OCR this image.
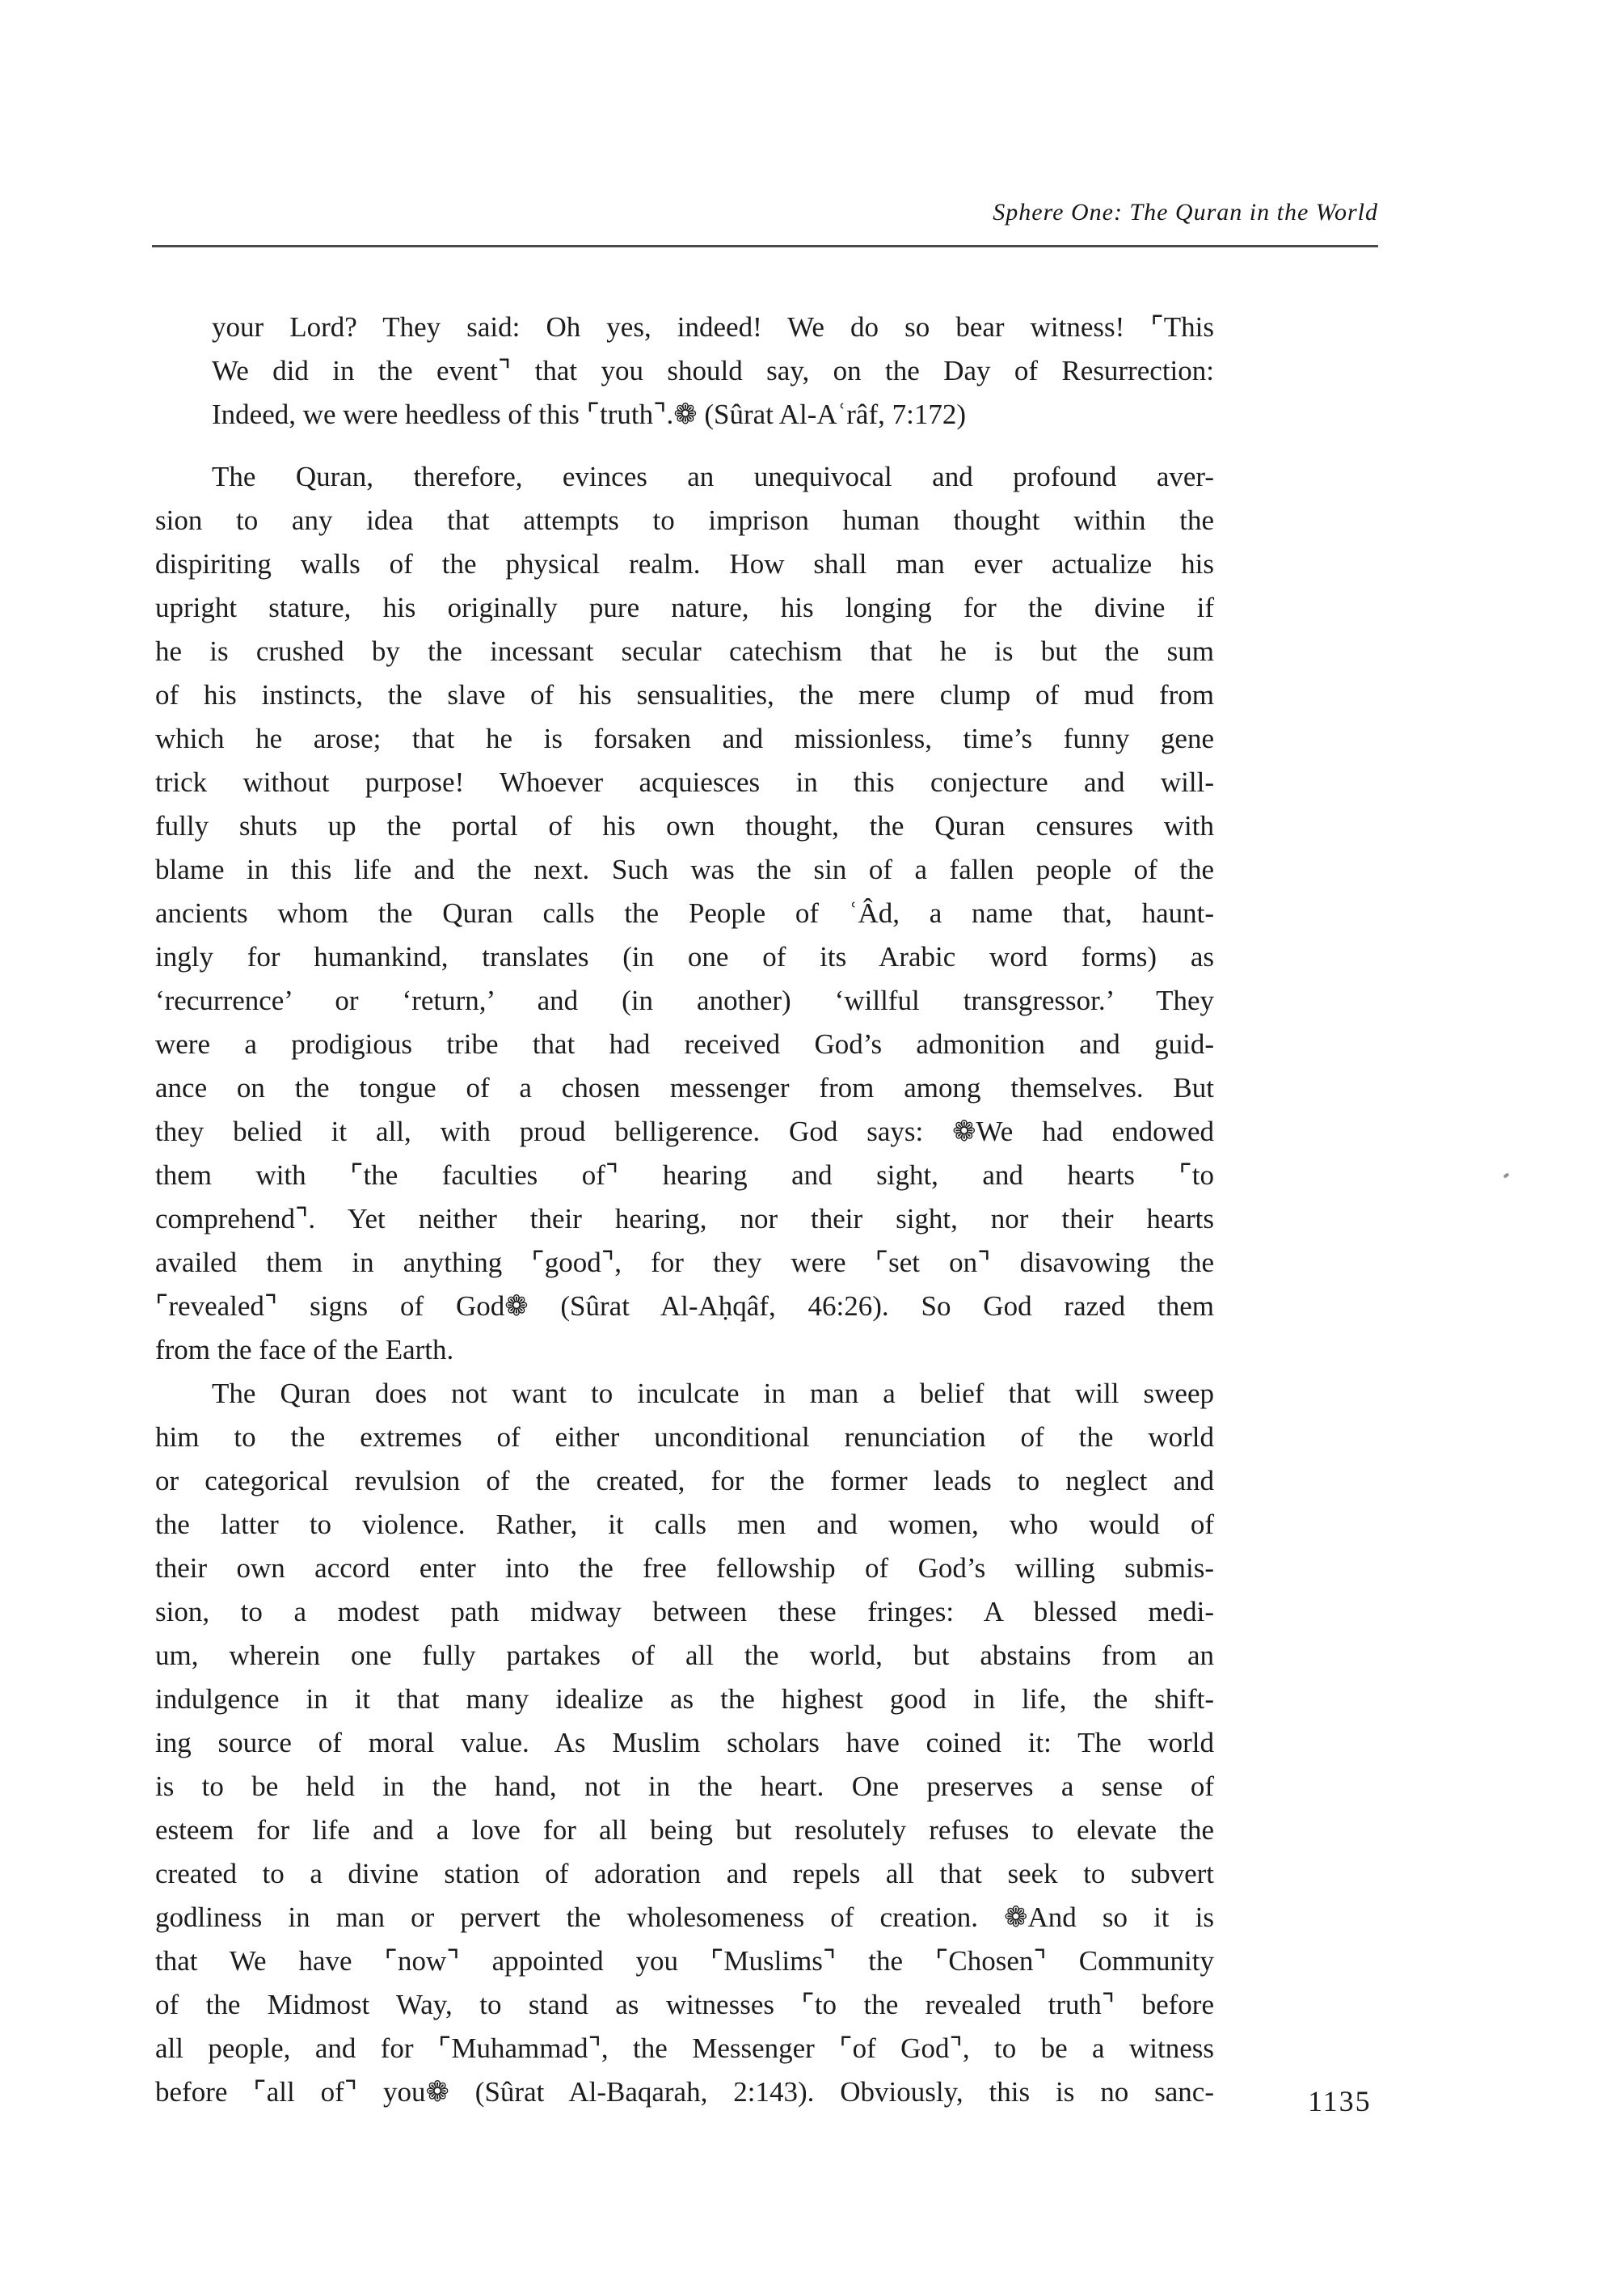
Sphere One: The Quran in the World
your Lord? They said: Oh yes, indeed! We do so bear witness! ⌜This
We did in the event⌝ that you should say, on the Day of Resurrection:
Indeed, we were heedless of this ⌜truth⌝.❁ (Sûrat Al-Aʿrâf, 7:172)
The Quran, therefore, evinces an unequivocal and profound aver-
sion to any idea that attempts to imprison human thought within the
dispiriting walls of the physical realm. How shall man ever actualize his
upright stature, his originally pure nature, his longing for the divine if
he is crushed by the incessant secular catechism that he is but the sum
of his instincts, the slave of his sensualities, the mere clump of mud from
which he arose; that he is forsaken and missionless, time’s funny gene
trick without purpose! Whoever acquiesces in this conjecture and will-
fully shuts up the portal of his own thought, the Quran censures with
blame in this life and the next. Such was the sin of a fallen people of the
ancients whom the Quran calls the People of ʿÂd, a name that, haunt-
ingly for humankind, translates (in one of its Arabic word forms) as
‘recurrence’ or ‘return,’ and (in another) ‘willful transgressor.’ They
were a prodigious tribe that had received God’s admonition and guid-
ance on the tongue of a chosen messenger from among themselves. But
they belied it all, with proud belligerence. God says: ❁We had endowed
them with ⌜the faculties of⌝ hearing and sight, and hearts ⌜to
comprehend⌝. Yet neither their hearing, nor their sight, nor their hearts
availed them in anything ⌜good⌝, for they were ⌜set on⌝ disavowing the
⌜revealed⌝ signs of God❁ (Sûrat Al-Aḥqâf, 46:26). So God razed them
from the face of the Earth.
The Quran does not want to inculcate in man a belief that will sweep
him to the extremes of either unconditional renunciation of the world
or categorical revulsion of the created, for the former leads to neglect and
the latter to violence. Rather, it calls men and women, who would of
their own accord enter into the free fellowship of God’s willing submis-
sion, to a modest path midway between these fringes: A blessed medi-
um, wherein one fully partakes of all the world, but abstains from an
indulgence in it that many idealize as the highest good in life, the shift-
ing source of moral value. As Muslim scholars have coined it: The world
is to be held in the hand, not in the heart. One preserves a sense of
esteem for life and a love for all being but resolutely refuses to elevate the
created to a divine station of adoration and repels all that seek to subvert
godliness in man or pervert the wholesomeness of creation. ❁And so it is
that We have ⌜now⌝ appointed you ⌜Muslims⌝ the ⌜Chosen⌝ Community
of the Midmost Way, to stand as witnesses ⌜to the revealed truth⌝ before
all people, and for ⌜Muhammad⌝, the Messenger ⌜of God⌝, to be a witness
before ⌜all of⌝ you❁ (Sûrat Al-Baqarah, 2:143). Obviously, this is no sanc-	1135
